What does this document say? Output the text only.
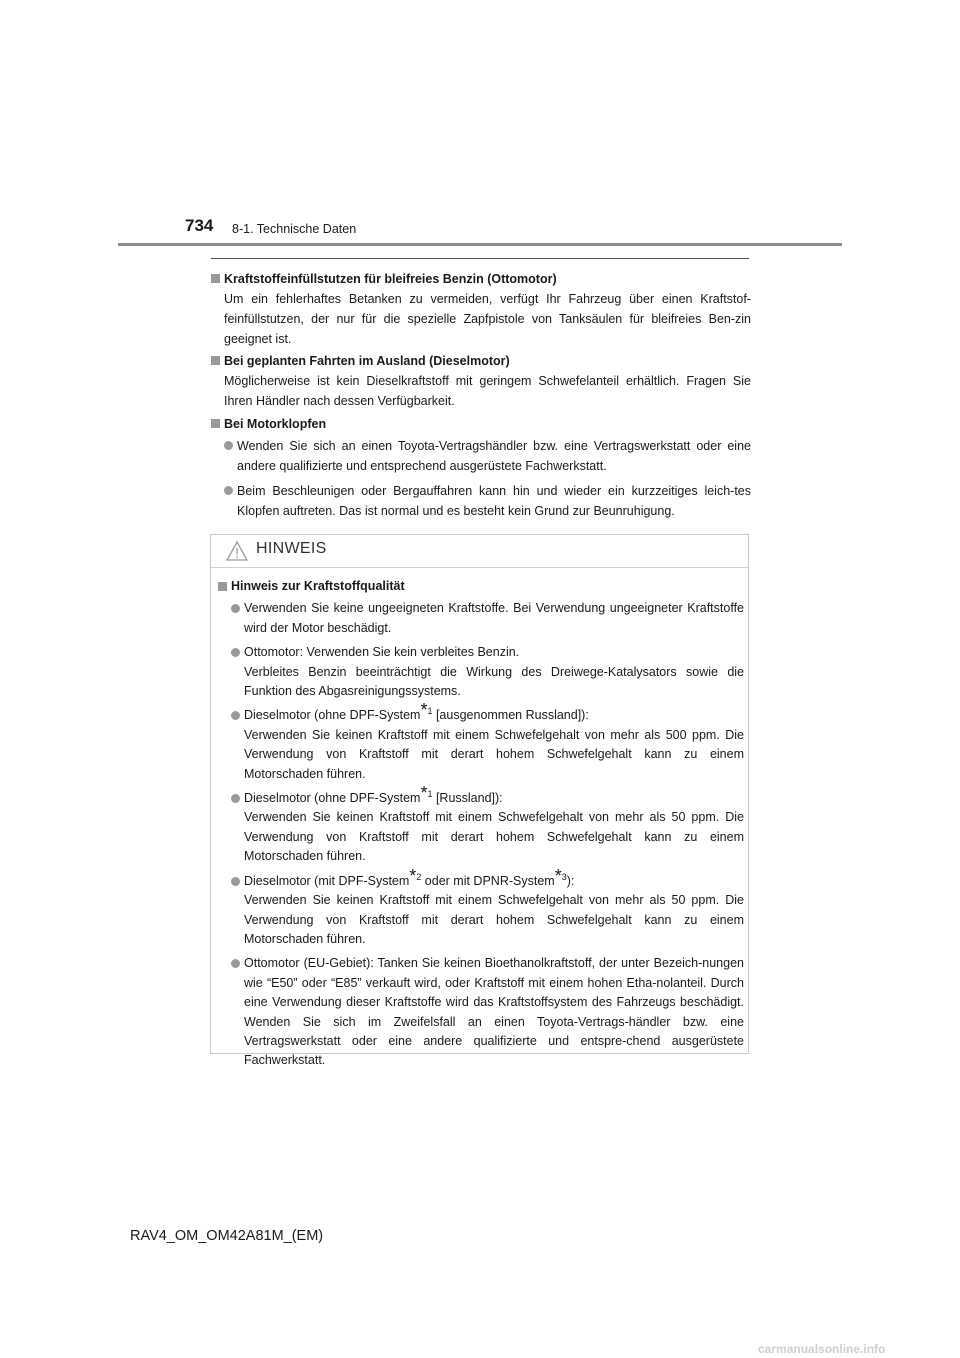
734 8-1. Technische Daten
Kraftstoffeinfüllstutzen für bleifreies Benzin (Ottomotor)
Um ein fehlerhaftes Betanken zu vermeiden, verfügt Ihr Fahrzeug über einen Kraftstof-feinfüllstutzen, der nur für die spezielle Zapfpistole von Tanksäulen für bleifreies Ben-zin geeignet ist.
Bei geplanten Fahrten im Ausland (Dieselmotor)
Möglicherweise ist kein Dieselkraftstoff mit geringem Schwefelanteil erhältlich. Fragen Sie Ihren Händler nach dessen Verfügbarkeit.
Bei Motorklopfen
Wenden Sie sich an einen Toyota-Vertragshändler bzw. eine Vertragswerkstatt oder eine andere qualifizierte und entsprechend ausgerüstete Fachwerkstatt.
Beim Beschleunigen oder Bergauffahren kann hin und wieder ein kurzzeitiges leich-tes Klopfen auftreten. Das ist normal und es besteht kein Grund zur Beunruhigung.
HINWEIS
Hinweis zur Kraftstoffqualität
Verwenden Sie keine ungeeigneten Kraftstoffe. Bei Verwendung ungeeigneter Kraftstoffe wird der Motor beschädigt.
Ottomotor: Verwenden Sie kein verbleites Benzin.
Verbleites Benzin beeinträchtigt die Wirkung des Dreiwege-Katalysators sowie die Funktion des Abgasreinigungssystems.
Dieselmotor (ohne DPF-System$^{*1}$ [ausgenommen Russland]):
Verwenden Sie keinen Kraftstoff mit einem Schwefelgehalt von mehr als 500 ppm. Die Verwendung von Kraftstoff mit derart hohem Schwefelgehalt kann zu einem Motorschaden führen.
Dieselmotor (ohne DPF-System$^{*1}$ [Russland]):
Verwenden Sie keinen Kraftstoff mit einem Schwefelgehalt von mehr als 50 ppm. Die Verwendung von Kraftstoff mit derart hohem Schwefelgehalt kann zu einem Motorschaden führen.
Dieselmotor (mit DPF-System$^{*2}$ oder mit DPNR-System$^{*3}$):
Verwenden Sie keinen Kraftstoff mit einem Schwefelgehalt von mehr als 50 ppm. Die Verwendung von Kraftstoff mit derart hohem Schwefelgehalt kann zu einem Motorschaden führen.
Ottomotor (EU-Gebiet): Tanken Sie keinen Bioethanolkraftstoff, der unter Bezeich-nungen wie “E50” oder “E85” verkauft wird, oder Kraftstoff mit einem hohen Etha-nolanteil. Durch eine Verwendung dieser Kraftstoffe wird das Kraftstoffsystem des Fahrzeugs beschädigt. Wenden Sie sich im Zweifelsfall an einen Toyota-Vertrags-händler bzw. eine Vertragswerkstatt oder eine andere qualifizierte und entspre-chend ausgerüstete Fachwerkstatt.
RAV4_OM_OM42A81M_(EM)
carmanualsonline.info
